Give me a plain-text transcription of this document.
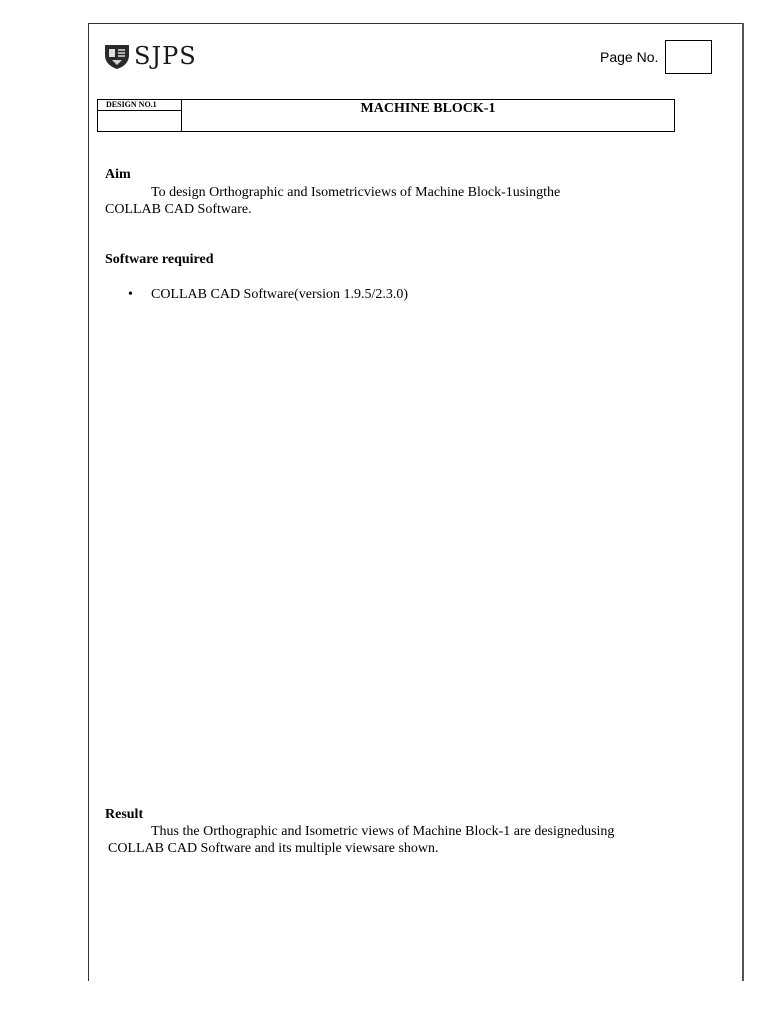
SJPS	Page No.
DESIGN NO.1	MACHINE BLOCK-1
Aim
To design Orthographic and Isometricviews of Machine Block-1usingthe
COLLAB CAD Software.
Software required
•	COLLAB CAD Software(version 1.9.5/2.3.0)
Result
Thus the Orthographic and Isometric views of Machine Block-1 are designedusing
COLLAB CAD Software and its multiple viewsare shown.
